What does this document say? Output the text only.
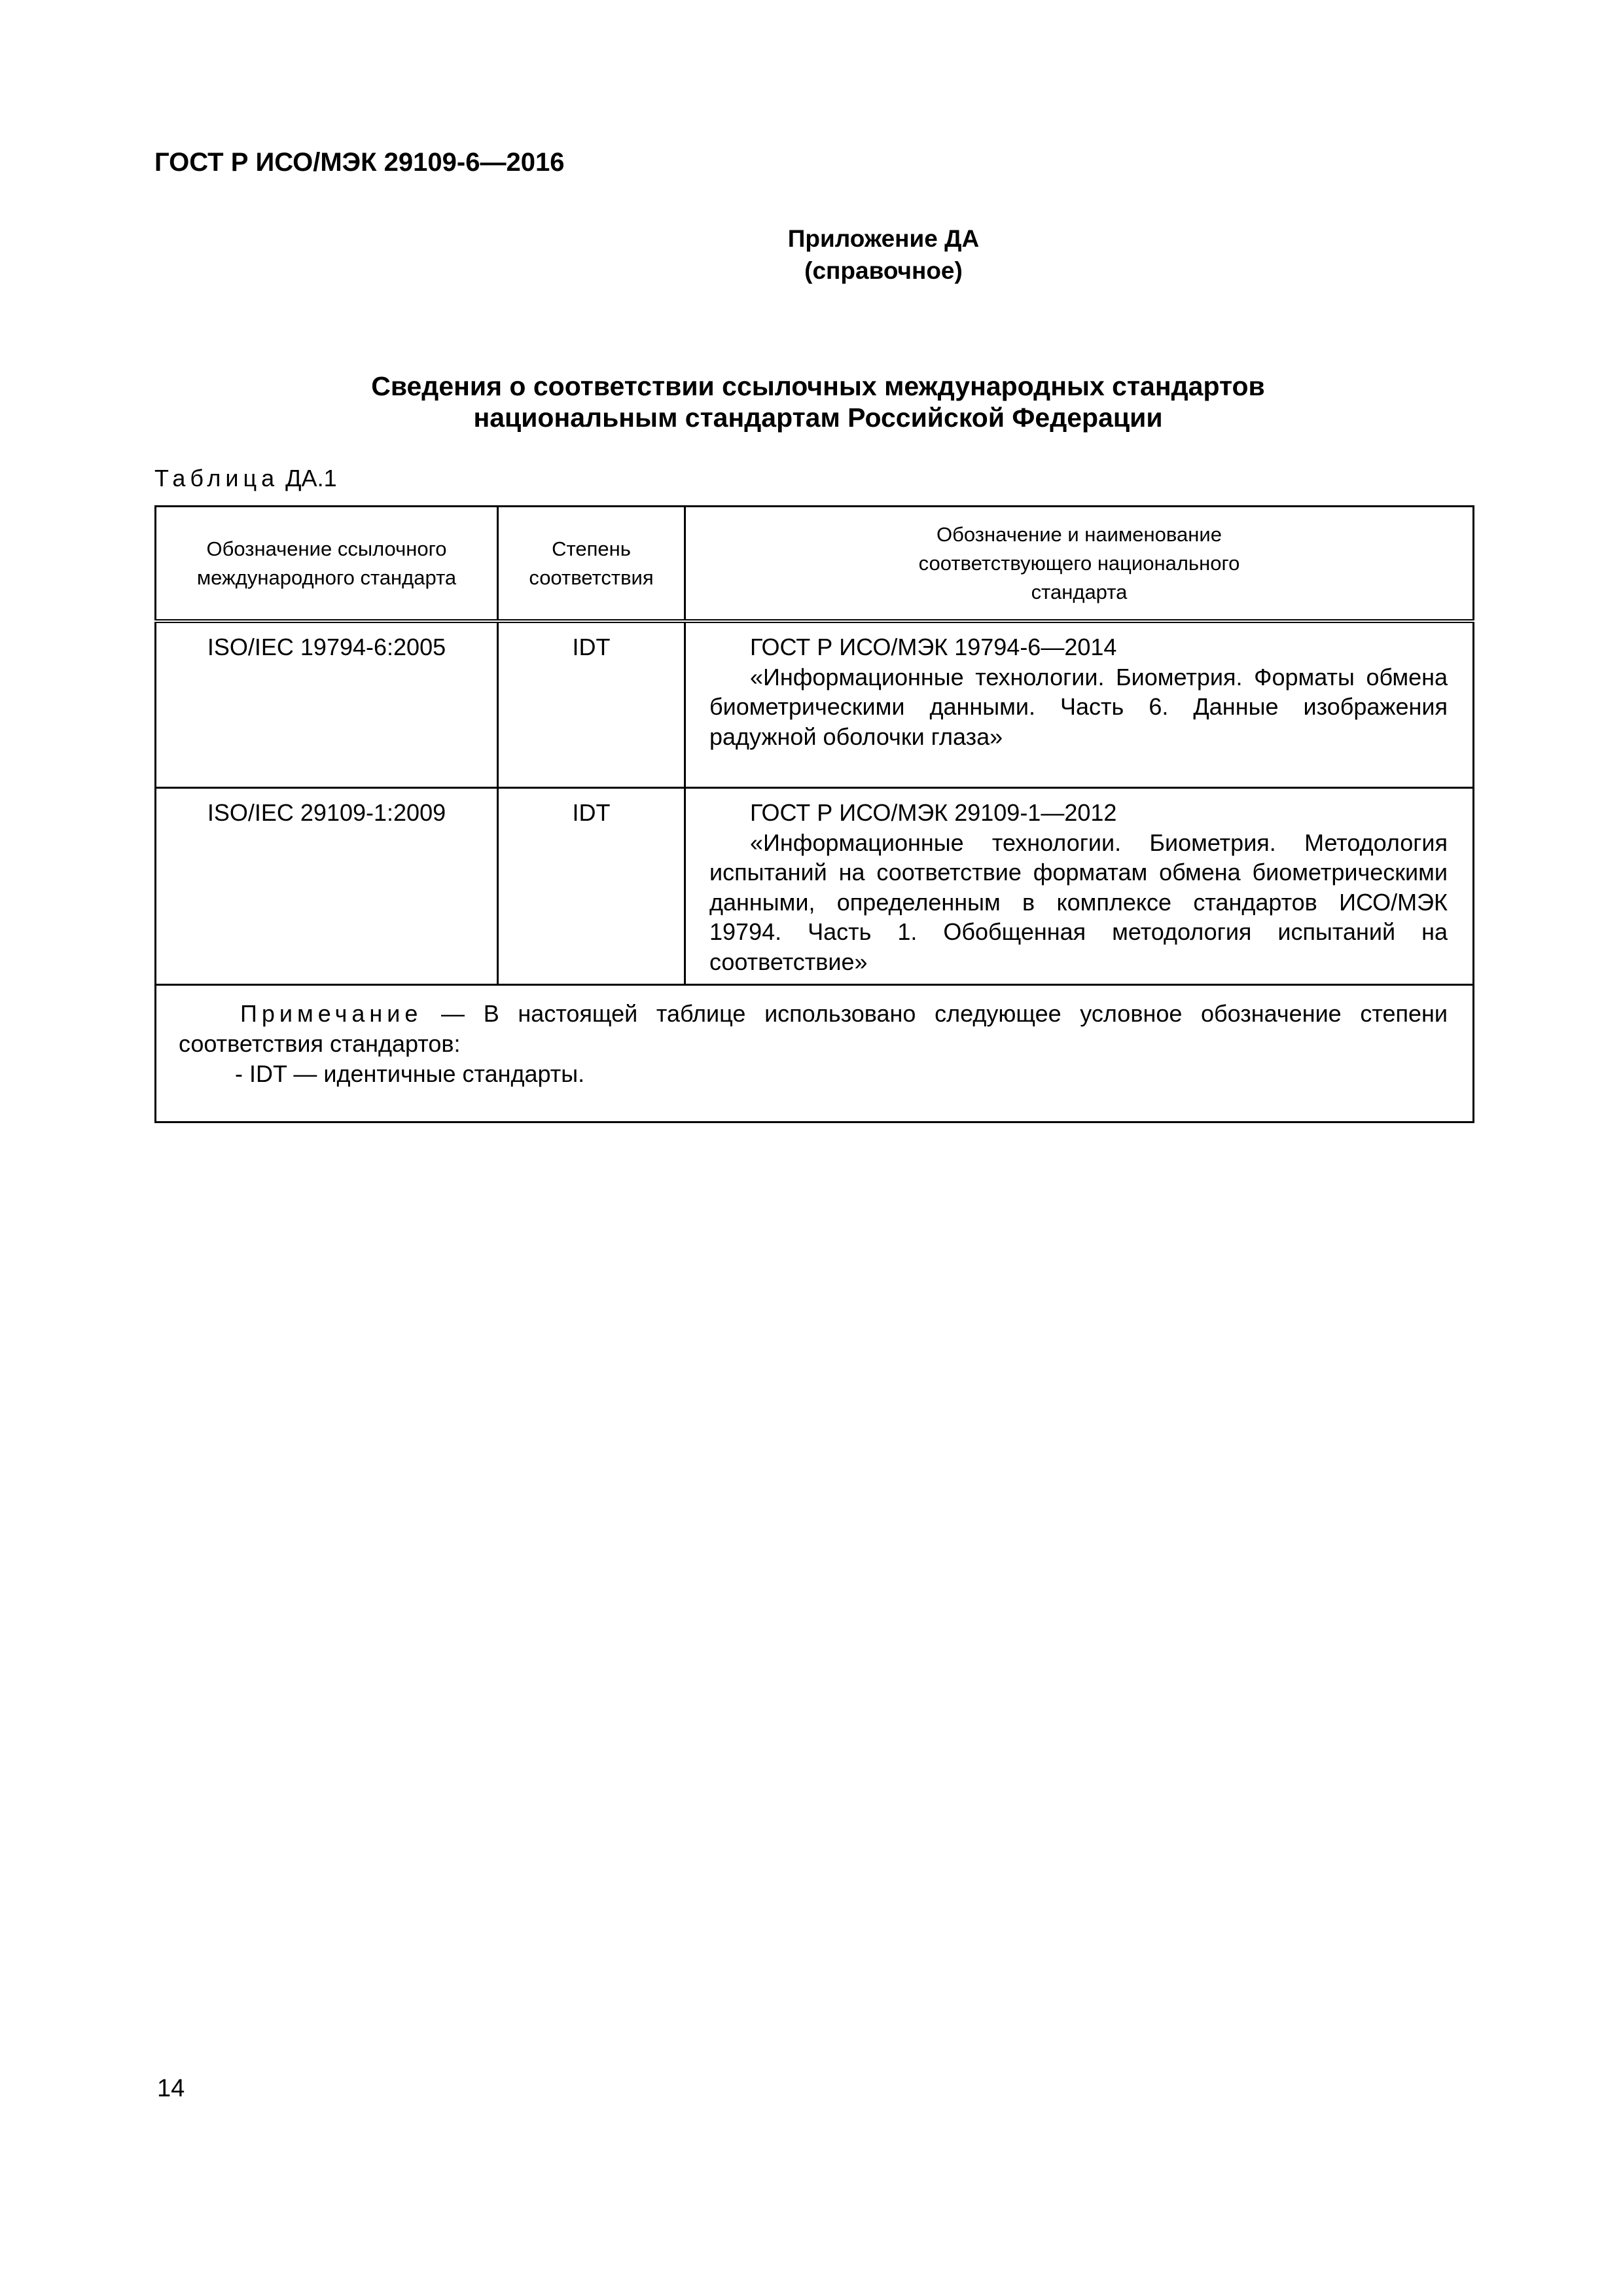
ГОСТ Р ИСО/МЭК 29109-6—2016
Приложение ДА
(справочное)
Сведения о соответствии ссылочных международных стандартов
национальным стандартам Российской Федерации
Таблица ДА.1
Обозначение ссылочного международного стандарта	Степень соответствия	Обозначение и наименование соответствующего национального стандарта

ISO/IEC 19794-6:2005	IDT	ГОСТ Р ИСО/МЭК 19794-6—2014
«Информационные технологии. Биометрия. Форматы обмена биометрическими данными. Часть 6. Данные изображения радужной оболочки глаза»

ISO/IEC 29109-1:2009	IDT	ГОСТ Р ИСО/МЭК 29109-1—2012
«Информационные технологии. Биометрия. Методология испытаний на соответствие форматам обмена биометрическими данными, определенным в комплексе стандартов ИСО/МЭК 19794. Часть 1. Обобщенная методология испытаний на соответствие»

Примечание — В настоящей таблице использовано следующее условное обозначение степени соответствия стандартов:
- IDT — идентичные стандарты.		
14
